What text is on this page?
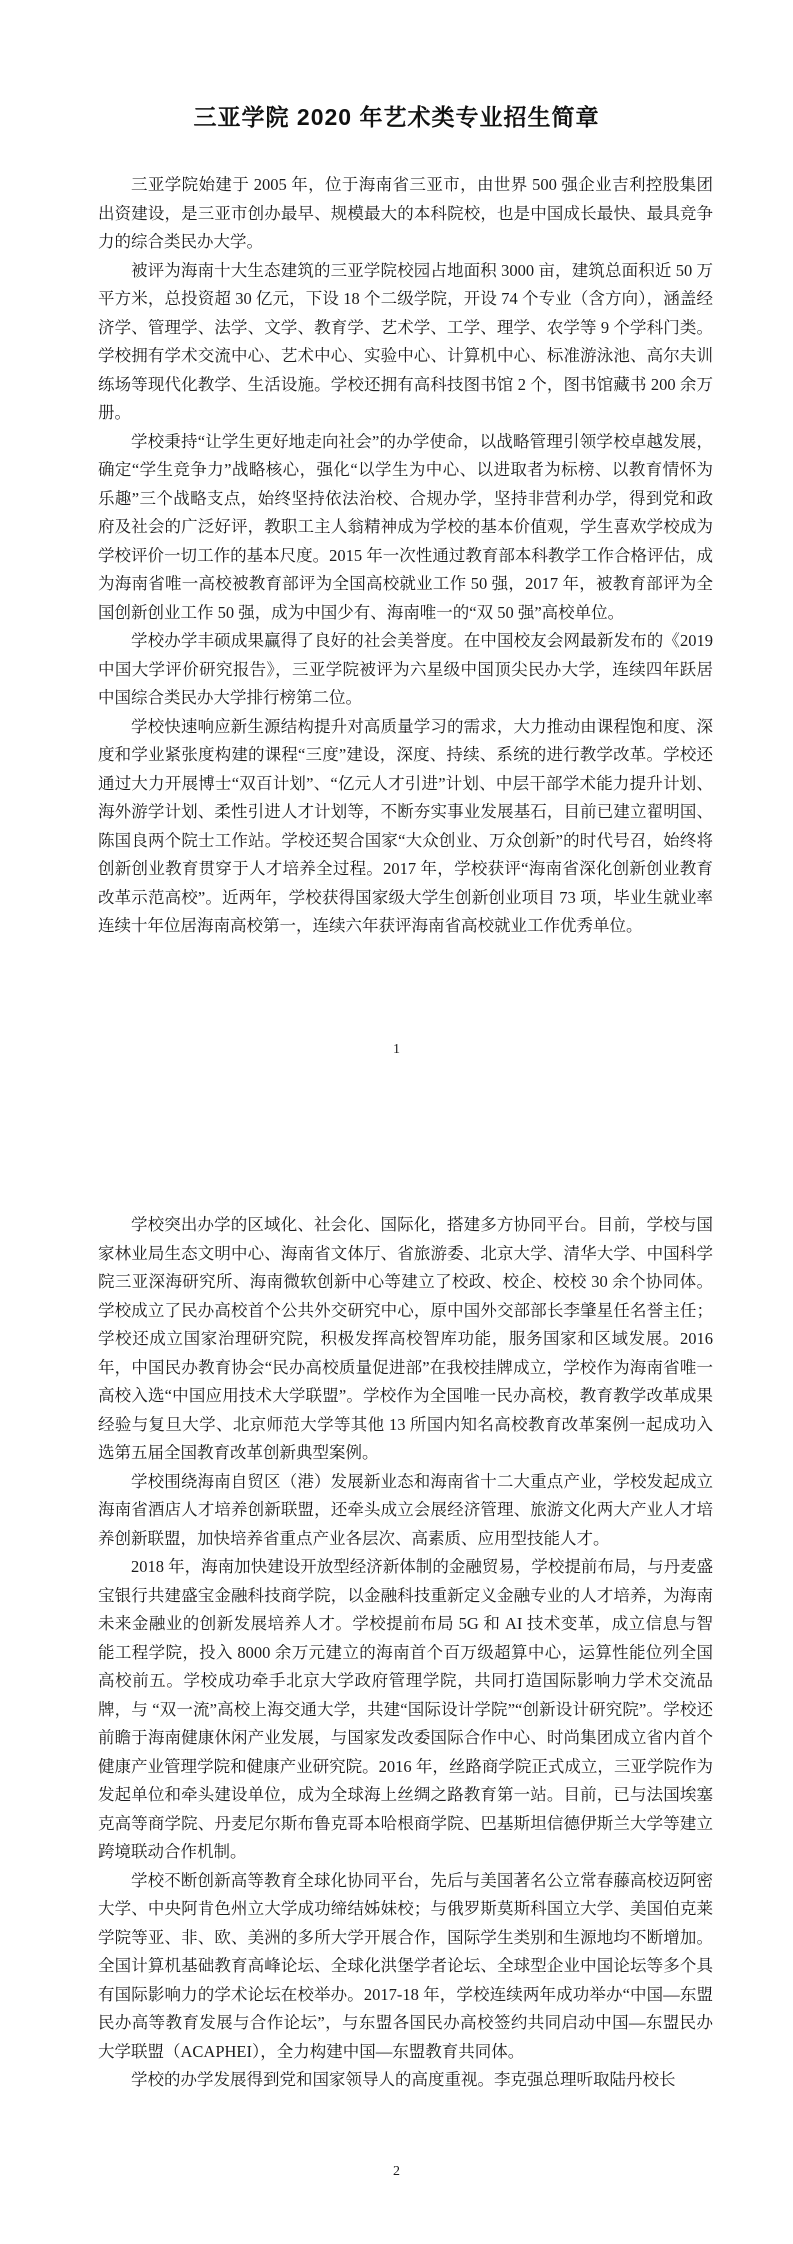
三亚学院 2020 年艺术类专业招生简章

三亚学院始建于 2005 年，位于海南省三亚市，由世界 500 强企业吉利控股集团出资建设，是三亚市创办最早、规模最大的本科院校，也是中国成长最快、最具竞争力的综合类民办大学。

被评为海南十大生态建筑的三亚学院校园占地面积 3000 亩，建筑总面积近 50 万平方米，总投资超 30 亿元，下设 18 个二级学院，开设 74 个专业（含方向），涵盖经济学、管理学、法学、文学、教育学、艺术学、工学、理学、农学等 9 个学科门类。学校拥有学术交流中心、艺术中心、实验中心、计算机中心、标准游泳池、高尔夫训练场等现代化教学、生活设施。学校还拥有高科技图书馆 2 个，图书馆藏书 200 余万册。

学校秉持“让学生更好地走向社会”的办学使命，以战略管理引领学校卓越发展，确定“学生竞争力”战略核心，强化“以学生为中心、以进取者为标榜、以教育情怀为乐趣”三个战略支点，始终坚持依法治校、合规办学，坚持非营利办学，得到党和政府及社会的广泛好评，教职工主人翁精神成为学校的基本价值观，学生喜欢学校成为学校评价一切工作的基本尺度。2015 年一次性通过教育部本科教学工作合格评估，成为海南省唯一高校被教育部评为全国高校就业工作 50 强，2017 年，被教育部评为全国创新创业工作 50 强，成为中国少有、海南唯一的“双 50 强”高校单位。

学校办学丰硕成果赢得了良好的社会美誉度。在中国校友会网最新发布的《2019 中国大学评价研究报告》，三亚学院被评为六星级中国顶尖民办大学，连续四年跃居中国综合类民办大学排行榜第二位。

学校快速响应新生源结构提升对高质量学习的需求，大力推动由课程饱和度、深度和学业紧张度构建的课程“三度”建设，深度、持续、系统的进行教学改革。学校还通过大力开展博士“双百计划”、“亿元人才引进”计划、中层干部学术能力提升计划、海外游学计划、柔性引进人才计划等，不断夯实事业发展基石，目前已建立翟明国、陈国良两个院士工作站。学校还契合国家“大众创业、万众创新”的时代号召，始终将创新创业教育贯穿于人才培养全过程。2017 年，学校获评“海南省深化创新创业教育改革示范高校”。近两年，学校获得国家级大学生创新创业项目 73 项，毕业生就业率连续十年位居海南高校第一，连续六年获评海南省高校就业工作优秀单位。

1

学校突出办学的区域化、社会化、国际化，搭建多方协同平台。目前，学校与国家林业局生态文明中心、海南省文体厅、省旅游委、北京大学、清华大学、中国科学院三亚深海研究所、海南微软创新中心等建立了校政、校企、校校 30 余个协同体。学校成立了民办高校首个公共外交研究中心，原中国外交部部长李肇星任名誉主任；学校还成立国家治理研究院，积极发挥高校智库功能，服务国家和区域发展。2016 年，中国民办教育协会“民办高校质量促进部”在我校挂牌成立，学校作为海南省唯一高校入选“中国应用技术大学联盟”。学校作为全国唯一民办高校，教育教学改革成果经验与复旦大学、北京师范大学等其他 13 所国内知名高校教育改革案例一起成功入选第五届全国教育改革创新典型案例。

学校围绕海南自贸区（港）发展新业态和海南省十二大重点产业，学校发起成立海南省酒店人才培养创新联盟，还牵头成立会展经济管理、旅游文化两大产业人才培养创新联盟，加快培养省重点产业各层次、高素质、应用型技能人才。

2018 年，海南加快建设开放型经济新体制的金融贸易，学校提前布局，与丹麦盛宝银行共建盛宝金融科技商学院，以金融科技重新定义金融专业的人才培养，为海南未来金融业的创新发展培养人才。学校提前布局 5G 和 AI 技术变革，成立信息与智能工程学院，投入 8000 余万元建立的海南首个百万级超算中心，运算性能位列全国高校前五。学校成功牵手北京大学政府管理学院，共同打造国际影响力学术交流品牌，与 “双一流”高校上海交通大学，共建“国际设计学院”“创新设计研究院”。学校还前瞻于海南健康休闲产业发展，与国家发改委国际合作中心、时尚集团成立省内首个健康产业管理学院和健康产业研究院。2016 年，丝路商学院正式成立，三亚学院作为发起单位和牵头建设单位，成为全球海上丝绸之路教育第一站。目前，已与法国埃塞克高等商学院、丹麦尼尔斯布鲁克哥本哈根商学院、巴基斯坦信德伊斯兰大学等建立跨境联动合作机制。

学校不断创新高等教育全球化协同平台，先后与美国著名公立常春藤高校迈阿密大学、中央阿肯色州立大学成功缔结姊妹校；与俄罗斯莫斯科国立大学、美国伯克莱学院等亚、非、欧、美洲的多所大学开展合作，国际学生类别和生源地均不断增加。全国计算机基础教育高峰论坛、全球化洪堡学者论坛、全球型企业中国论坛等多个具有国际影响力的学术论坛在校举办。2017-18 年，学校连续两年成功举办“中国—东盟民办高等教育发展与合作论坛”，与东盟各国民办高校签约共同启动中国—东盟民办大学联盟（ACAPHEI），全力构建中国—东盟教育共同体。

学校的办学发展得到党和国家领导人的高度重视。李克强总理听取陆丹校长

2
